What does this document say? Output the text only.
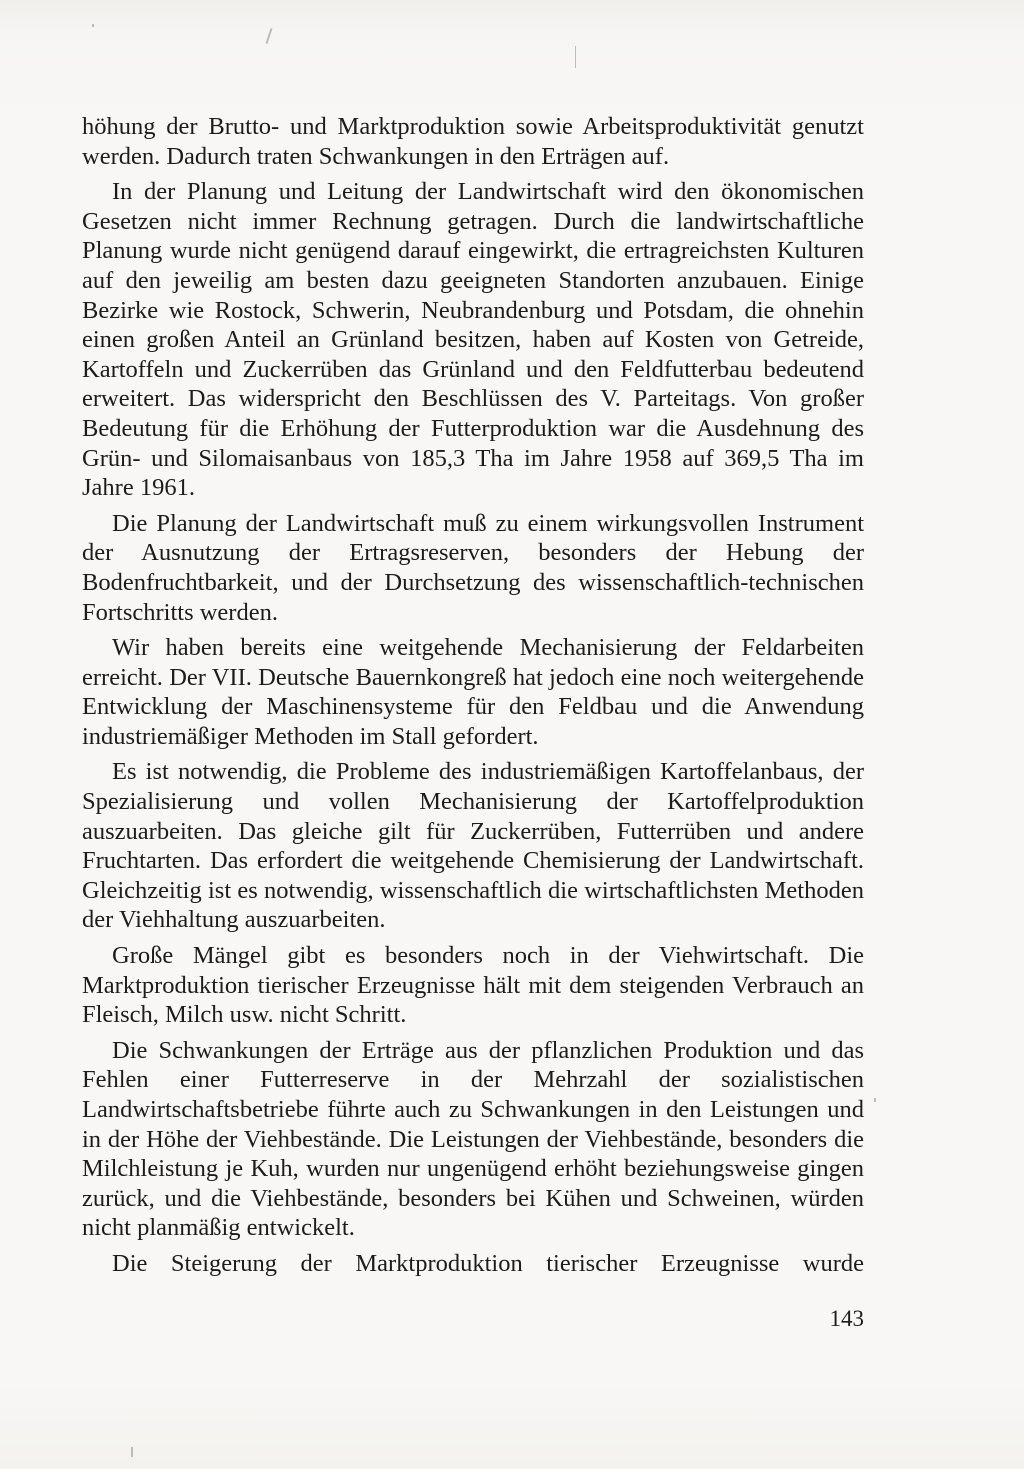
höhung der Brutto- und Marktproduktion sowie Arbeitsproduktivität genutzt werden. Dadurch traten Schwankungen in den Erträgen auf.

In der Planung und Leitung der Landwirtschaft wird den ökonomischen Gesetzen nicht immer Rechnung getragen. Durch die landwirtschaftliche Planung wurde nicht genügend darauf eingewirkt, die ertragreichsten Kulturen auf den jeweilig am besten dazu geeigneten Standorten anzubauen. Einige Bezirke wie Rostock, Schwerin, Neubrandenburg und Potsdam, die ohnehin einen großen Anteil an Grünland besitzen, haben auf Kosten von Getreide, Kartoffeln und Zuckerrüben das Grünland und den Feldfutterbau bedeutend erweitert. Das widerspricht den Beschlüssen des V. Parteitags. Von großer Bedeutung für die Erhöhung der Futterproduktion war die Ausdehnung des Grün- und Silomaisanbaus von 185,3 Tha im Jahre 1958 auf 369,5 Tha im Jahre 1961.

Die Planung der Landwirtschaft muß zu einem wirkungsvollen Instrument der Ausnutzung der Ertragsreserven, besonders der Hebung der Bodenfruchtbarkeit, und der Durchsetzung des wissenschaftlich-technischen Fortschritts werden.

Wir haben bereits eine weitgehende Mechanisierung der Feldarbeiten erreicht. Der VII. Deutsche Bauernkongreß hat jedoch eine noch weitergehende Entwicklung der Maschinensysteme für den Feldbau und die Anwendung industriemäßiger Methoden im Stall gefordert.

Es ist notwendig, die Probleme des industriemäßigen Kartoffelanbaus, der Spezialisierung und vollen Mechanisierung der Kartoffelproduktion auszuarbeiten. Das gleiche gilt für Zuckerrüben, Futterrüben und andere Fruchtarten. Das erfordert die weitgehende Chemisierung der Landwirtschaft. Gleichzeitig ist es notwendig, wissenschaftlich die wirtschaftlichsten Methoden der Viehhaltung auszuarbeiten.

Große Mängel gibt es besonders noch in der Viehwirtschaft. Die Marktproduktion tierischer Erzeugnisse hält mit dem steigenden Verbrauch an Fleisch, Milch usw. nicht Schritt.

Die Schwankungen der Erträge aus der pflanzlichen Produktion und das Fehlen einer Futterreserve in der Mehrzahl der sozialistischen Landwirtschaftsbetriebe führte auch zu Schwankungen in den Leistungen und in der Höhe der Viehbestände. Die Leistungen der Viehbestände, besonders die Milchleistung je Kuh, wurden nur ungenügend erhöht beziehungsweise gingen zurück, und die Viehbestände, besonders bei Kühen und Schweinen, würden nicht planmäßig entwickelt.

Die Steigerung der Marktproduktion tierischer Erzeugnisse wurde

143
